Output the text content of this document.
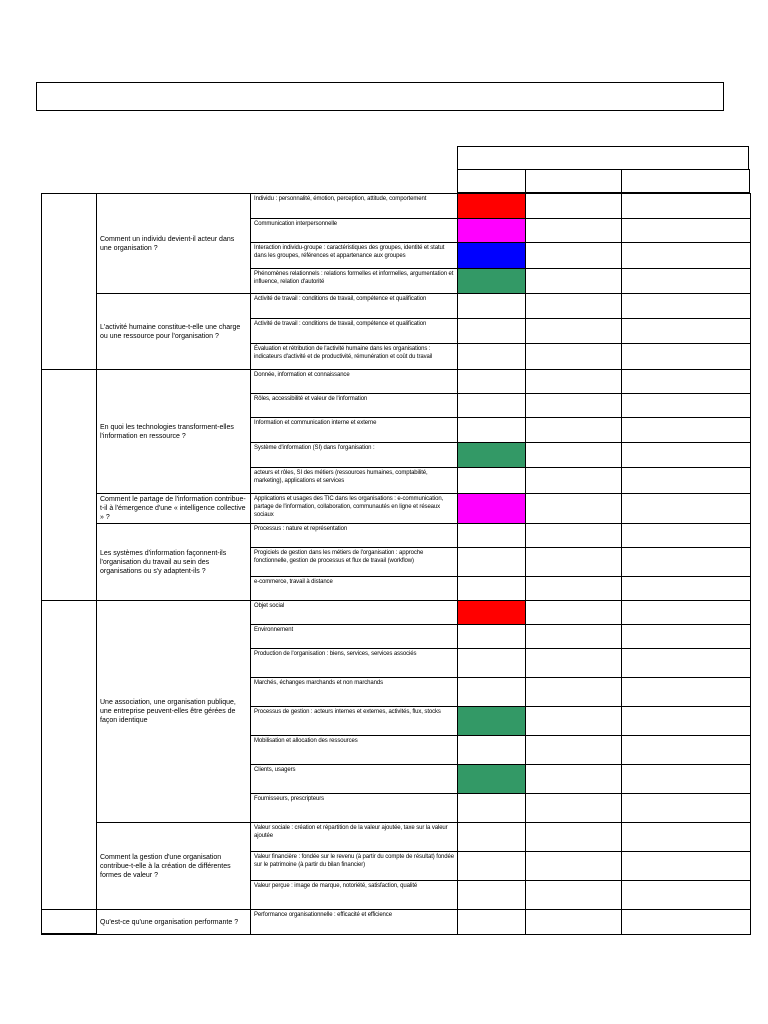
	Comment un individu devient-il acteur dans une organisation ?	Individu : personnalité, émotion, perception, attitude, comportement			
		Communication interpersonnelle			
		Interaction individu-groupe : caractéristiques des groupes, identité et statut dans les groupes, références et appartenance aux groupes			
		Phénomènes relationnels : relations formelles et informelles, argumentation et influence, relation d'autorité			
	L'activité humaine constitue-t-elle une charge ou une ressource pour l'organisation ?	Activité de travail : conditions de travail, compétence et qualification			
		Activité de travail : conditions de travail, compétence et qualification			
		Évaluation et rétribution de l'activité humaine dans les organisations : indicateurs d'activité et de productivité, rémunération et coût du travail			
	En quoi les technologies transforment-elles l'information en ressource ?	Donnée, information et connaissance			
		Rôles, accessibilité et valeur de l'information			
		Information et communication interne et externe			
		Système d'information (SI) dans l'organisation :			
		acteurs et rôles, SI des métiers (ressources humaines, comptabilité, marketing), applications et services			
	Comment le partage de l'information contribue-t-il à l'émergence d'une « intelligence collective » ?	Applications et usages des TIC dans les organisations : e-communication, partage de l'information, collaboration, communautés en ligne et réseaux sociaux			
	Les systèmes d'information façonnent-ils l'organisation du travail au sein des organisations ou s'y adaptent-ils ?	Processus : nature et représentation			
		Progiciels de gestion dans les métiers de l'organisation : approche fonctionnelle, gestion de processus et flux de travail (workflow)			
		e-commerce, travail à distance			
	Une association, une organisation publique, une entreprise peuvent-elles être gérées de façon identique	Objet social			
		Environnement			
		Production de l'organisation : biens, services, services associés			
		Marchés, échanges marchands et non marchands			
		Processus de gestion : acteurs internes et externes, activités, flux, stocks			
		Mobilisation et allocation des ressources			
		Clients, usagers			
		Fournisseurs, prescripteurs			
	Comment la gestion d'une organisation contribue-t-elle à la création de différentes formes de valeur ?	Valeur sociale : création et répartition de la valeur ajoutée, taxe sur la valeur ajoutée			
		Valeur financière : fondée sur le revenu (à partir du compte de résultat) fondée sur le patrimoine (à partir du bilan financier)			
		Valeur perçue : image de marque, notoriété, satisfaction, qualité			
	Qu'est-ce qu'une organisation performante ?	Performance organisationnelle : efficacité et efficience			
